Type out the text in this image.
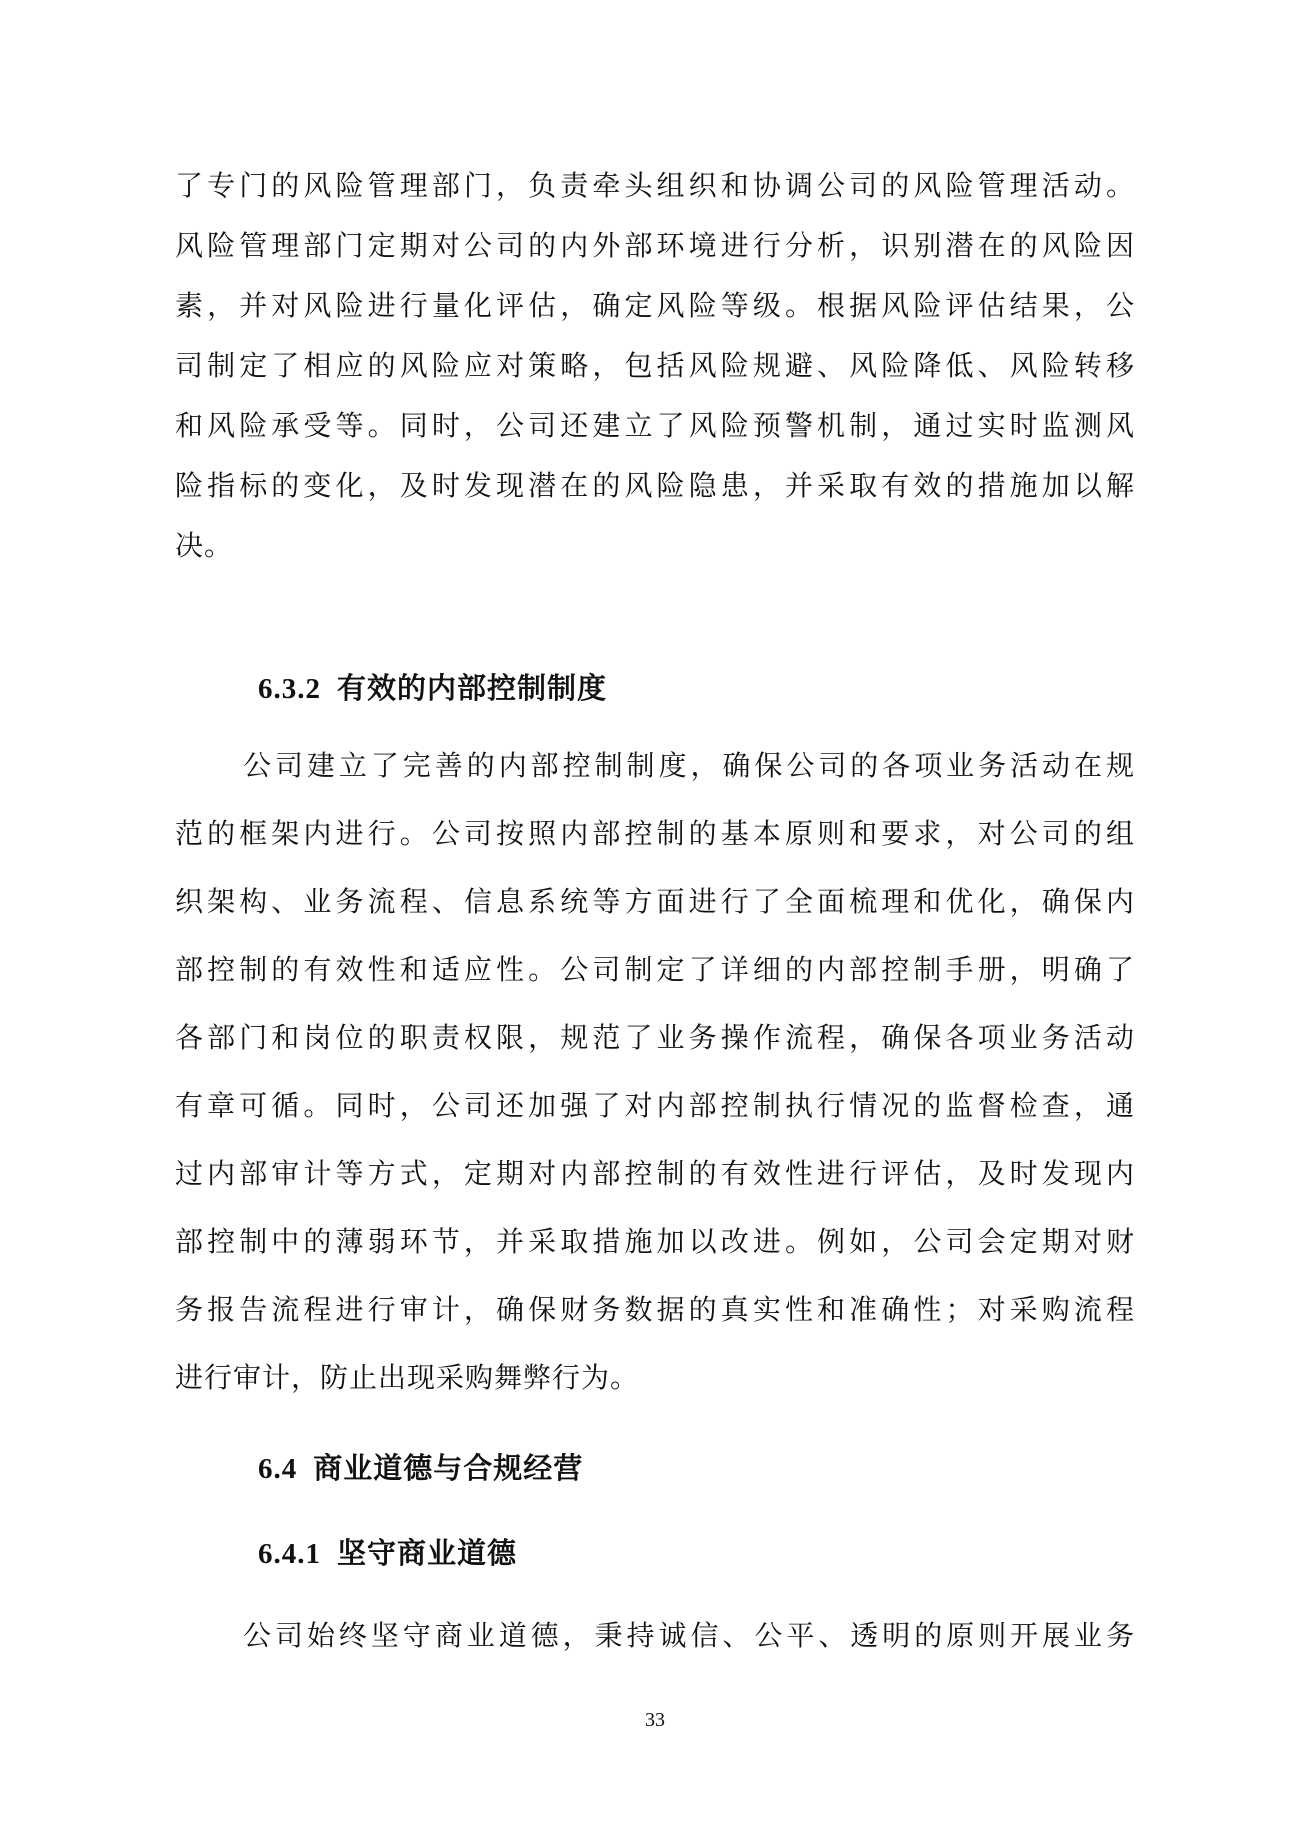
了专门的风险管理部门，负责牵头组织和协调公司的风险管理活动。
风险管理部门定期对公司的内外部环境进行分析，识别潜在的风险因
素，并对风险进行量化评估，确定风险等级。根据风险评估结果，公
司制定了相应的风险应对策略，包括风险规避、风险降低、风险转移
和风险承受等。同时，公司还建立了风险预警机制，通过实时监测风
险指标的变化，及时发现潜在的风险隐患，并采取有效的措施加以解
决。
6.3.2 有效的内部控制制度
公司建立了完善的内部控制制度，确保公司的各项业务活动在规
范的框架内进行。公司按照内部控制的基本原则和要求，对公司的组
织架构、业务流程、信息系统等方面进行了全面梳理和优化，确保内
部控制的有效性和适应性。公司制定了详细的内部控制手册，明确了
各部门和岗位的职责权限，规范了业务操作流程，确保各项业务活动
有章可循。同时，公司还加强了对内部控制执行情况的监督检查，通
过内部审计等方式，定期对内部控制的有效性进行评估，及时发现内
部控制中的薄弱环节，并采取措施加以改进。例如，公司会定期对财
务报告流程进行审计，确保财务数据的真实性和准确性；对采购流程
进行审计，防止出现采购舞弊行为。
6.4 商业道德与合规经营
6.4.1 坚守商业道德
公司始终坚守商业道德，秉持诚信、公平、透明的原则开展业务
33
